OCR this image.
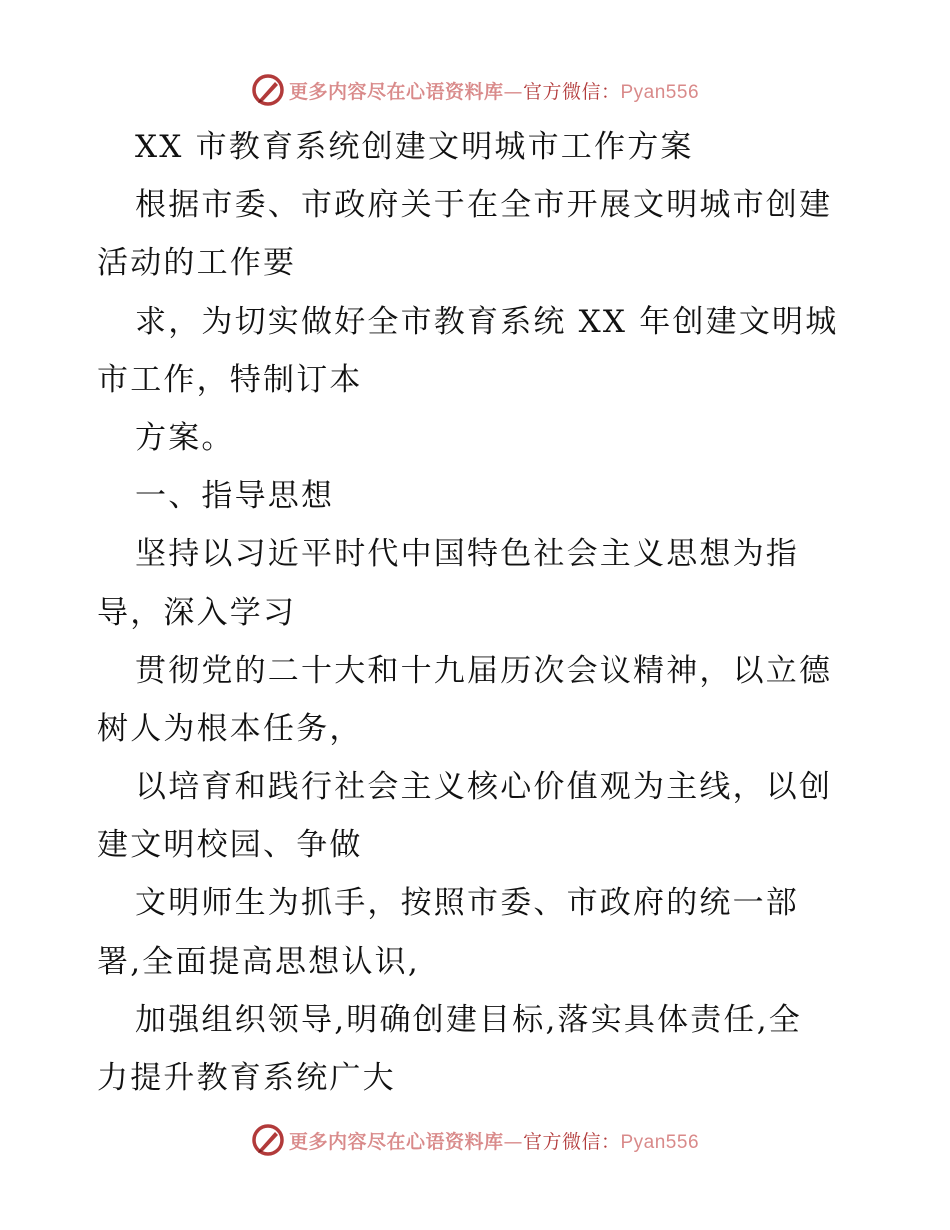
更多内容尽在心语资料库—官方微信：Pyan556
XX 市教育系统创建文明城市工作方案
根据市委、市政府关于在全市开展文明城市创建
活动的工作要
求，为切实做好全市教育系统 XX 年创建文明城
市工作，特制订本
方案。
一、指导思想
坚持以习近平时代中国特色社会主义思想为指
导，深入学习
贯彻党的二十大和十九届历次会议精神，以立德
树人为根本任务，
以培育和践行社会主义核心价值观为主线，以创
建文明校园、争做
文明师生为抓手，按照市委、市政府的统一部
署,全面提高思想认识,
加强组织领导,明确创建目标,落实具体责任,全
力提升教育系统广大
更多内容尽在心语资料库—官方微信：Pyan556
